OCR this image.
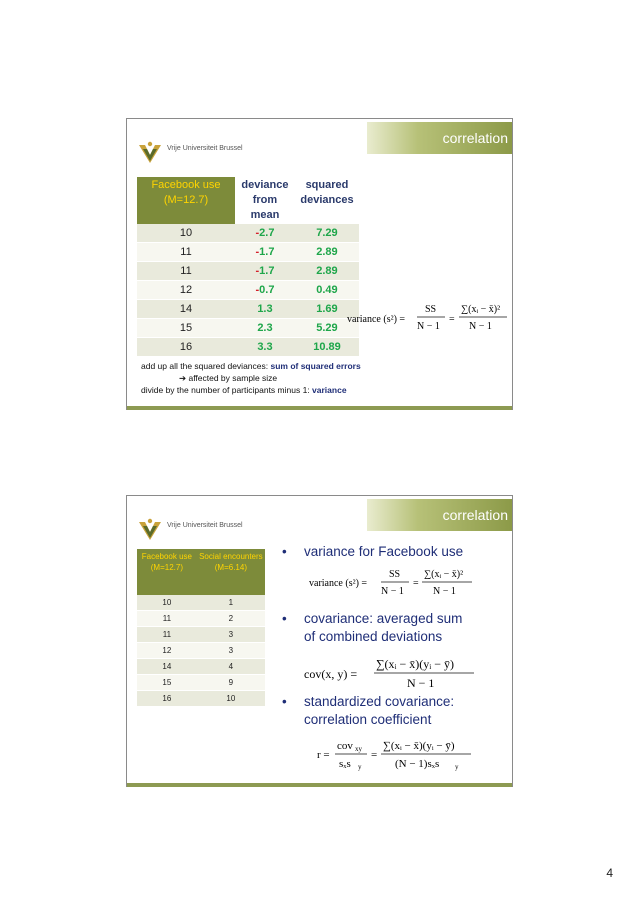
correlation
Vrije Universiteit Brussel
Facebook use (M=12.7)	deviance from mean	squared deviances
10	-2.7	7.29
11	-1.7	2.89
11	-1.7	2.89
12	-0.7	0.49
14	1.3	1.69
15	2.3	5.29
16	3.3	10.89
variance (s²) =
SS
N − 1
=
∑(xᵢ − x̄)²
N − 1
add up all the squared deviances: sum of squared errors
➔ affected by sample size
divide by the number of participants minus 1: variance
correlation
Vrije Universiteit Brussel
Facebook use (M=12.7)	Social encounters (M=6.14)
10	1
11	2
11	3
12	3
14	4
15	9
16	10
• variance for Facebook use
variance (s²) =
SS
N − 1
=
∑(xᵢ − x̄)²
N − 1
• covariance: averaged sum
of combined deviations
cov(x, y) =
∑(xᵢ − x̄)(yᵢ − ȳ)
N − 1
• standardized covariance:
correlation coefficient
r =
cov xy
sₓs y
=
∑(xᵢ − x̄)(yᵢ − ȳ)
(N − 1)sₓs y
4
